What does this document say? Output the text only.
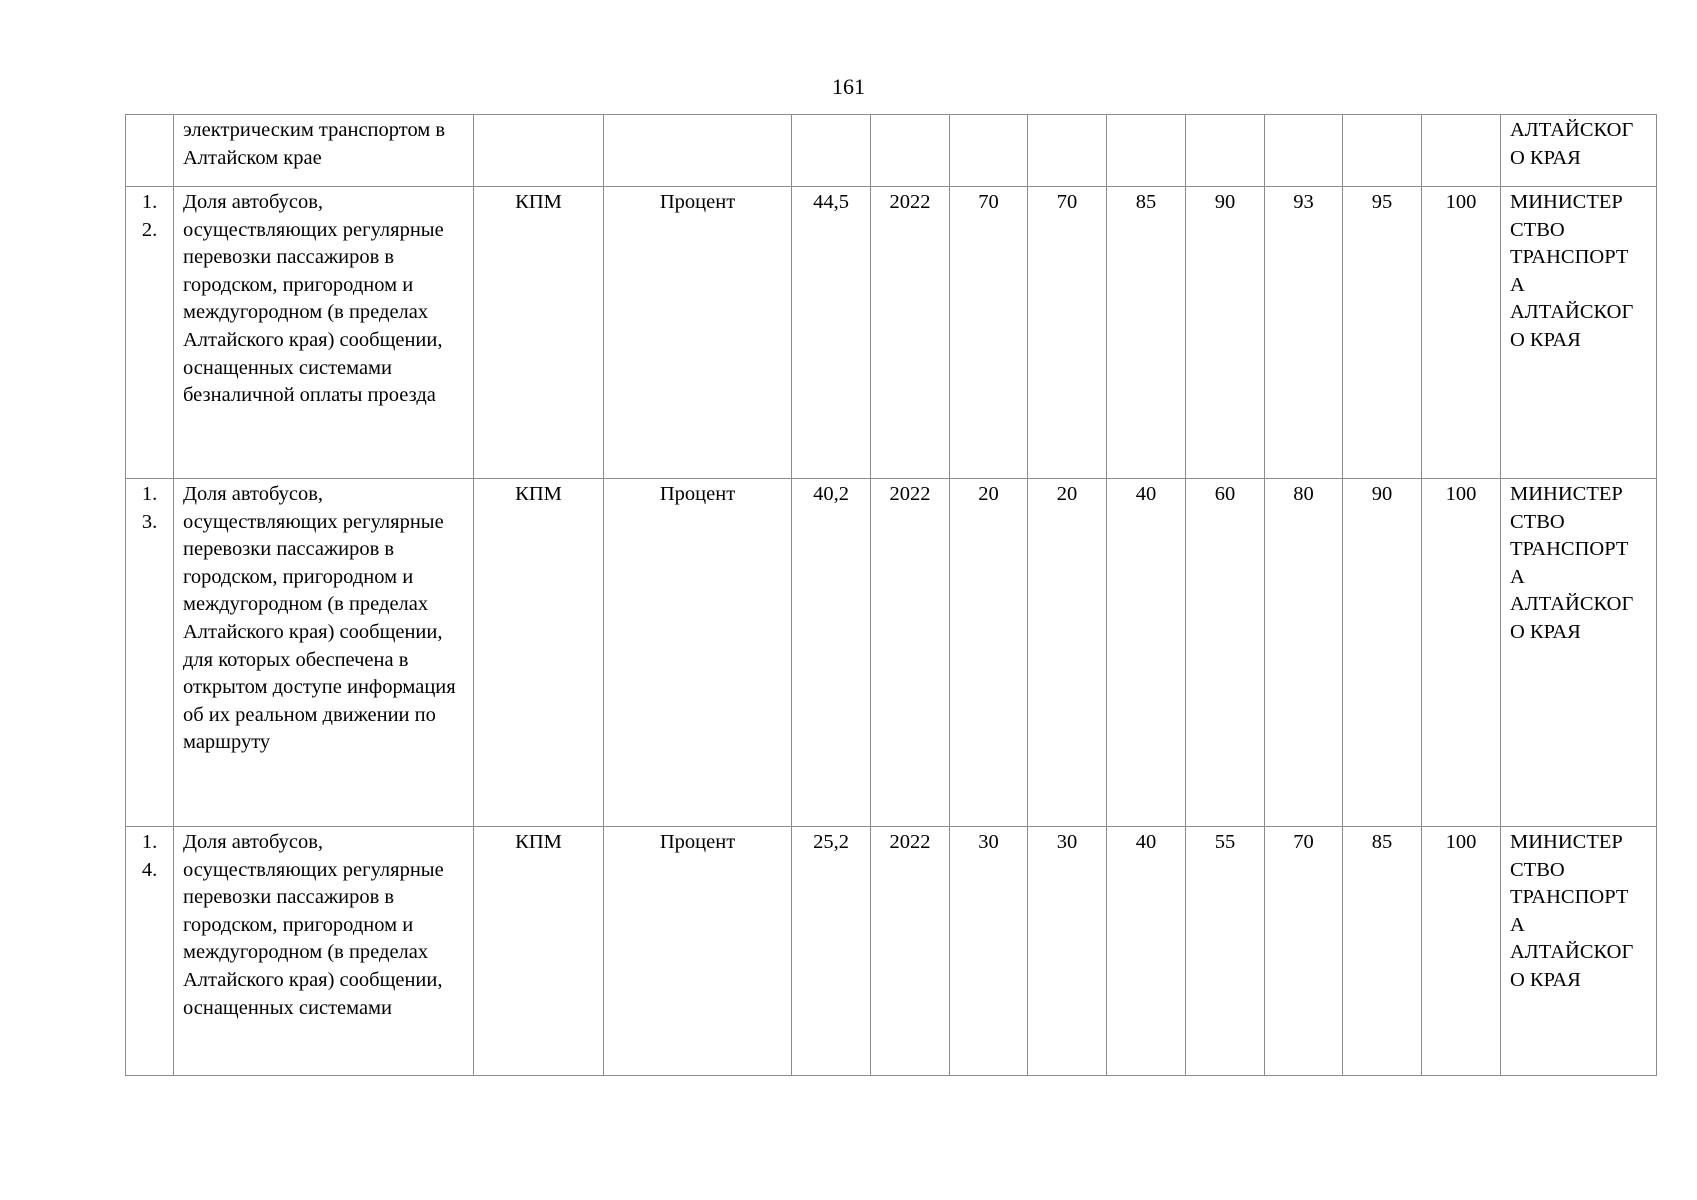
161
	электрическим транспортом в Алтайском крае												АЛТАЙСКОГ О КРАЯ

1.
2.	Доля автобусов, осуществляющих регулярные перевозки пассажиров в городском, пригородном и междугородном (в пределах Алтайского края) сообщении, оснащенных системами безналичной оплаты проезда	КПМ	Процент	44,5	2022	70	70	85	90	93	95	100	МИНИСТЕР СТВО ТРАНСПОРТ А АЛТАЙСКОГ О КРАЯ

1.
3.	Доля автобусов, осуществляющих регулярные перевозки пассажиров в городском, пригородном и междугородном (в пределах Алтайского края) сообщении, для которых обеспечена в открытом доступе информация об их реальном движении по маршруту	КПМ	Процент	40,2	2022	20	20	40	60	80	90	100	МИНИСТЕР СТВО ТРАНСПОРТ А АЛТАЙСКОГ О КРАЯ

1.
4.	Доля автобусов, осуществляющих регулярные перевозки пассажиров в городском, пригородном и междугородном (в пределах Алтайского края) сообщении, оснащенных системами	КПМ	Процент	25,2	2022	30	30	40	55	70	85	100	МИНИСТЕР СТВО ТРАНСПОРТ А АЛТАЙСКОГ О КРАЯ
